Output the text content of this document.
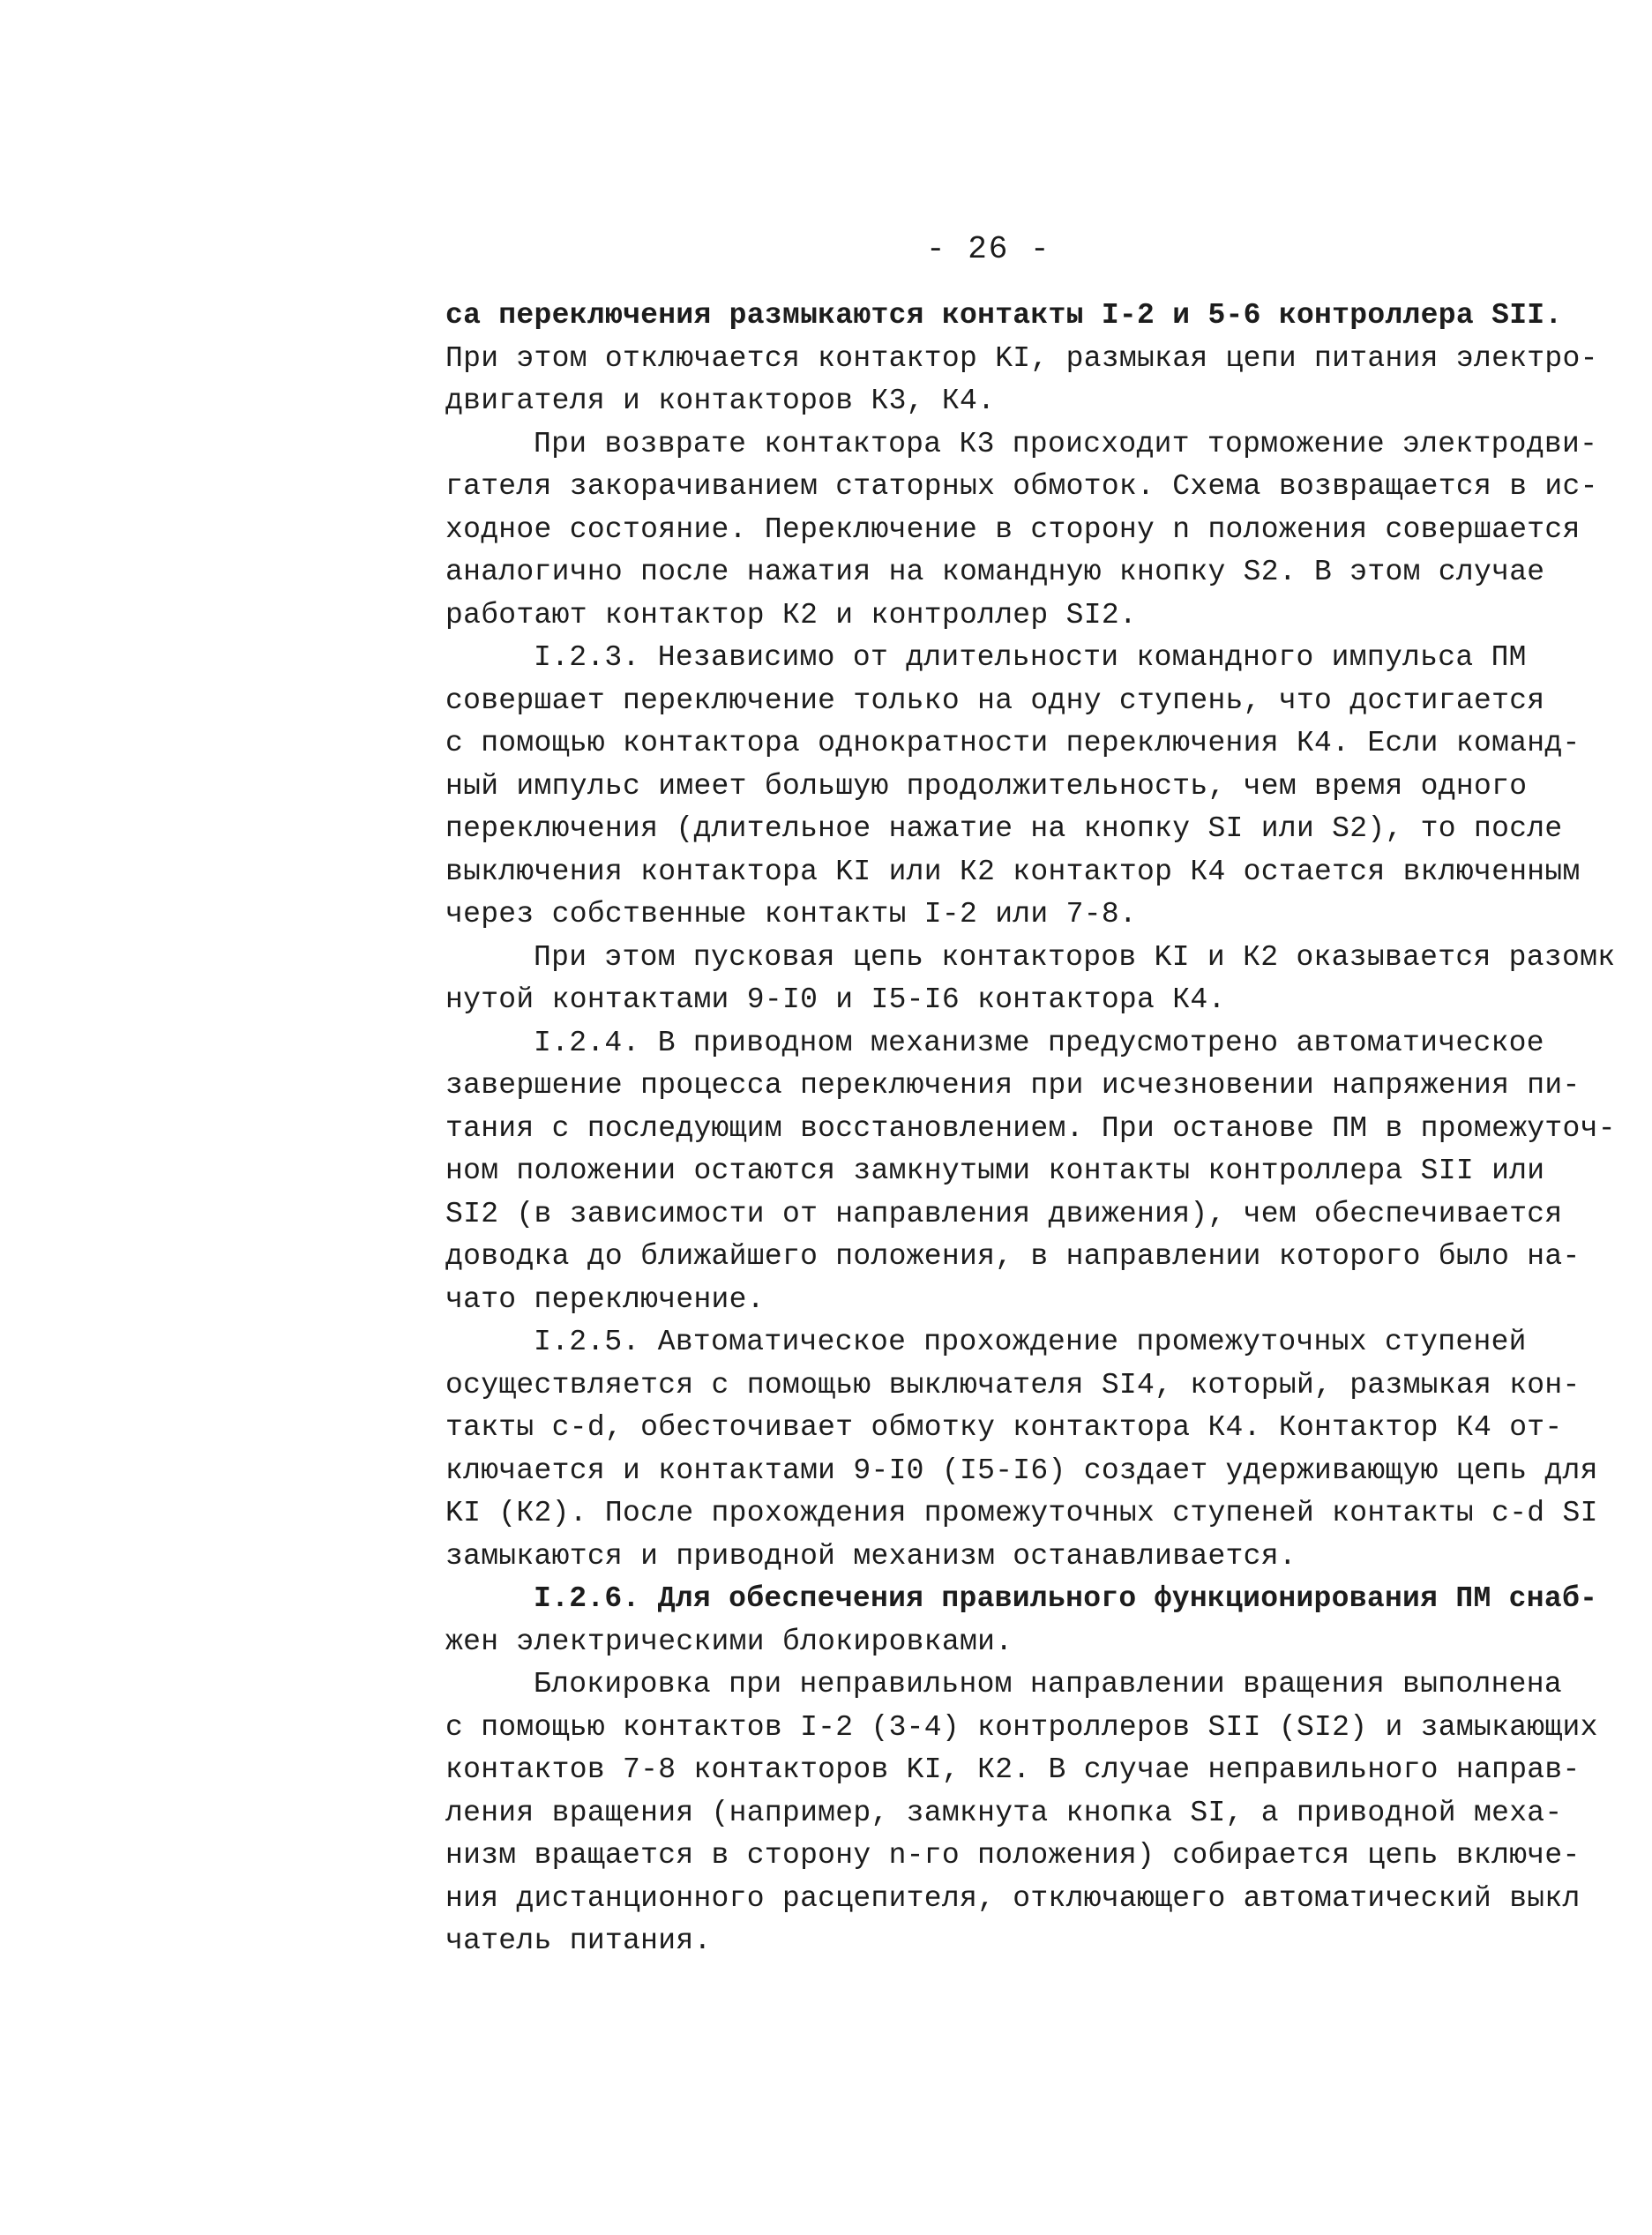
- 26 -
са переключения размыкаются контакты I-2 и 5-6 контроллера SII.
При этом отключается контактор KI, размыкая цепи питания электро-
двигателя и контакторов К3, К4.
При возврате контактора К3 происходит торможение электродви-
гателя закорачиванием статорных обмоток. Схема возвращается в ис-
ходное состояние. Переключение в сторону n положения совершается
аналогично после нажатия на командную кнопку S2. В этом случае
работают контактор К2 и контроллер SI2.
I.2.3. Независимо от длительности командного импульса ПМ
совершает переключение только на одну ступень, что достигается
с помощью контактора однократности переключения К4. Если команд-
ный импульс имеет большую продолжительность, чем время одного
переключения (длительное нажатие на кнопку SI или S2), то после
выключения контактора KI или К2 контактор К4 остается включенным
через собственные контакты I-2 или 7-8.
При этом пусковая цепь контакторов KI и К2 оказывается разомк
нутой контактами 9-I0 и I5-I6 контактора К4.
I.2.4. В приводном механизме предусмотрено автоматическое
завершение процесса переключения при исчезновении напряжения пи-
тания с последующим восстановлением. При останове ПМ в промежуточ-
ном положении остаются замкнутыми контакты контроллера SII или
SI2 (в зависимости от направления движения), чем обеспечивается
доводка до ближайшего положения, в направлении которого было на-
чато переключение.
I.2.5. Автоматическое прохождение промежуточных ступеней
осуществляется с помощью выключателя SI4, который, размыкая кон-
такты c-d, обесточивает обмотку контактора К4. Контактор К4 от-
ключается и контактами 9-I0 (I5-I6) создает удерживающую цепь для
KI (К2). После прохождения промежуточных ступеней контакты c-d SI
замыкаются и приводной механизм останавливается.
I.2.6. Для обеспечения правильного функционирования ПМ снаб-
жен электрическими блокировками.
Блокировка при неправильном направлении вращения выполнена
с помощью контактов I-2 (3-4) контроллеров SII (SI2) и замыкающих
контактов 7-8 контакторов KI, К2. В случае неправильного направ-
ления вращения (например, замкнута кнопка SI, а приводной меха-
низм вращается в сторону n-го положения) собирается цепь включе-
ния дистанционного расцепителя, отключающего автоматический выкл
чатель питания.
